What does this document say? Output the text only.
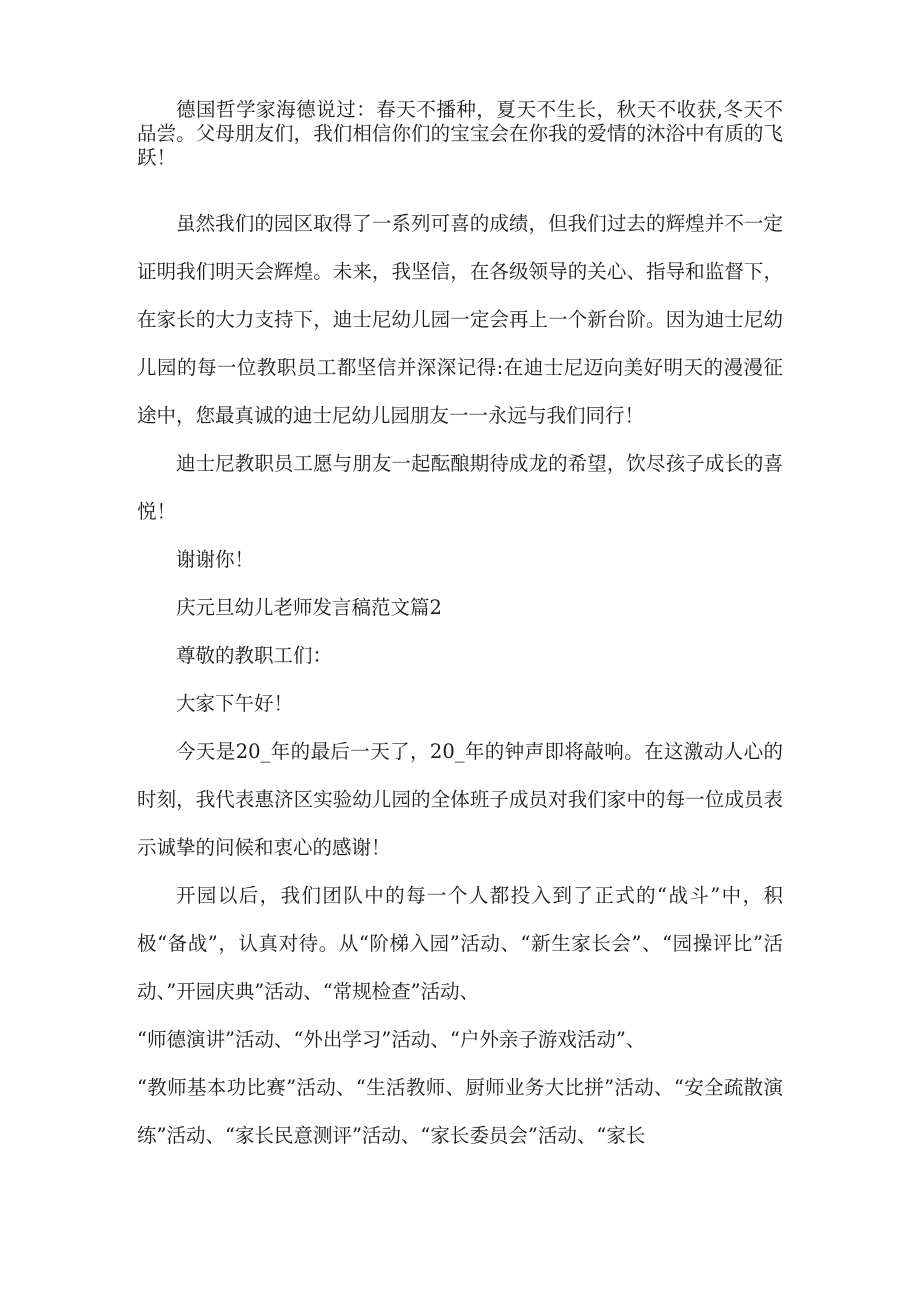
德国哲学家海德说过：春天不播种，夏天不生长，秋天不收获,冬天不品尝。父母朋友们，我们相信你们的宝宝会在你我的爱情的沐浴中有质的飞跃！

虽然我们的园区取得了一系列可喜的成绩，但我们过去的辉煌并不一定证明我们明天会辉煌。未来，我坚信，在各级领导的关心、指导和监督下，在家长的大力支持下，迪士尼幼儿园一定会再上一个新台阶。因为迪士尼幼儿园的每一位教职员工都坚信并深深记得:在迪士尼迈向美好明天的漫漫征途中，您最真诚的迪士尼幼儿园朋友一一永远与我们同行！

迪士尼教职员工愿与朋友一起酝酿期待成龙的希望，饮尽孩子成长的喜悦！

谢谢你！

庆元旦幼儿老师发言稿范文篇2

尊敬的教职工们：

大家下午好！

今天是20_年的最后一天了，20_年的钟声即将敲响。在这激动人心的时刻，我代表惠济区实验幼儿园的全体班子成员对我们家中的每一位成员表示诚挚的问候和衷心的感谢！

开园以后，我们团队中的每一个人都投入到了正式的“战斗”中，积极“备战”，认真对待。从“阶梯入园”活动、“新生家长会”、“园操评比”活动、”开园庆典”活动、“常规检查”活动、

“师德演讲”活动、“外出学习”活动、“户外亲子游戏活动”、

“教师基本功比赛”活动、“生活教师、厨师业务大比拼”活动、“安全疏散演练”活动、“家长民意测评”活动、“家长委员会”活动、“家长
